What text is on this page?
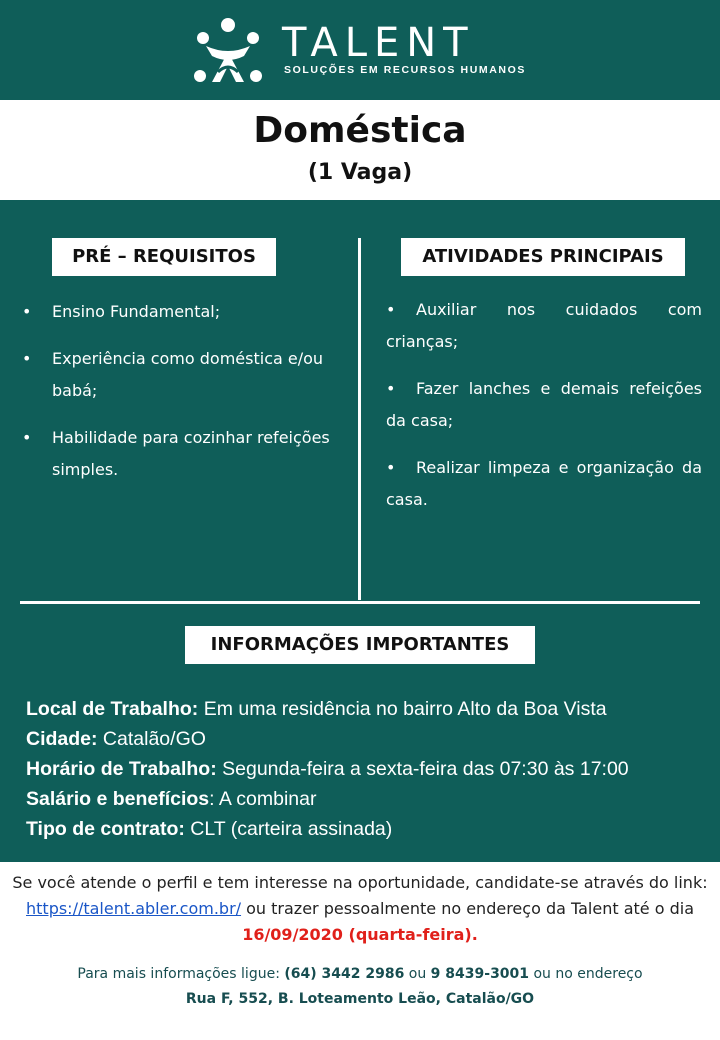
TALENT
SOLUÇÕES EM RECURSOS HUMANOS
Doméstica
(1 Vaga)
PRÉ – REQUISITOS	ATIVIDADES PRINCIPAIS
• Ensino Fundamental;
• Experiência como doméstica e/ou babá;
• Habilidade para cozinhar refeições simples.
• Auxiliar nos cuidados com crianças;
• Fazer lanches e demais refeições da casa;
• Realizar limpeza e organização da casa.
INFORMAÇÕES IMPORTANTES
Local de Trabalho: Em uma residência no bairro Alto da Boa Vista
Cidade: Catalão/GO
Horário de Trabalho: Segunda-feira a sexta-feira das 07:30 às 17:00
Salário e benefícios: A combinar
Tipo de contrato: CLT (carteira assinada)
Se você atende o perfil e tem interesse na oportunidade, candidate-se através do link: https://talent.abler.com.br/ ou trazer pessoalmente no endereço da Talent até o dia 16/09/2020 (quarta-feira).
Para mais informações ligue: (64) 3442 2986 ou 9 8439-3001 ou no endereço
Rua F, 552, B. Loteamento Leão, Catalão/GO
